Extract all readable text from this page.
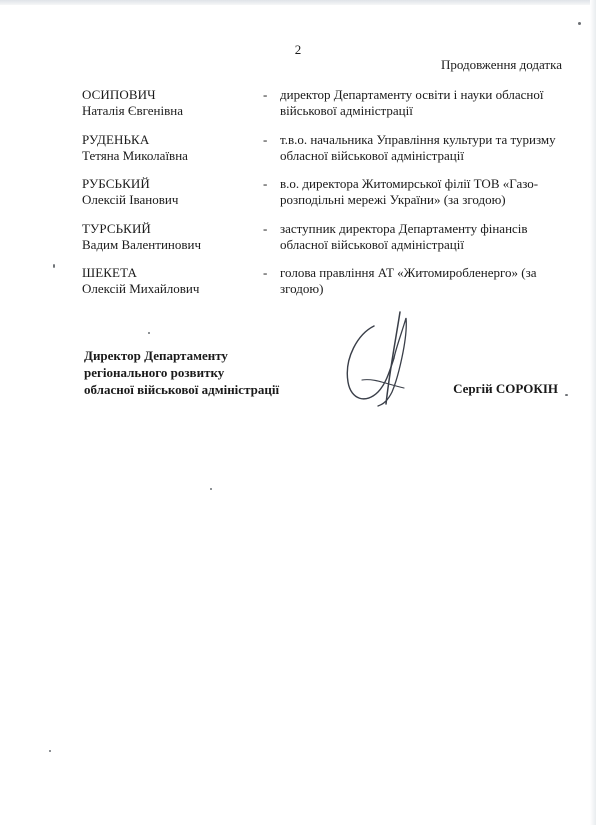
2
Продовження додатка
ОСИПОВИЧ
Наталія Євгенівна
- директор Департаменту освіти і науки обласної військової адміністрації
РУДЕНЬКА
Тетяна Миколаївна
- т.в.о. начальника Управління культури та туризму обласної військової адміністрації
РУБСЬКИЙ
Олексій Іванович
- в.о. директора Житомирської філії ТОВ «Газо-розподільні мережі України» (за згодою)
ТУРСЬКИЙ
Вадим Валентинович
- заступник директора Департаменту фінансів обласної військової адміністрації
ШЕКЕТА
Олексій Михайлович
- голова правління АТ «Житомиробленерго» (за згодою)
Директор Департаменту
регіонального розвитку
обласної військової адміністрації	Сергій СОРОКІН
